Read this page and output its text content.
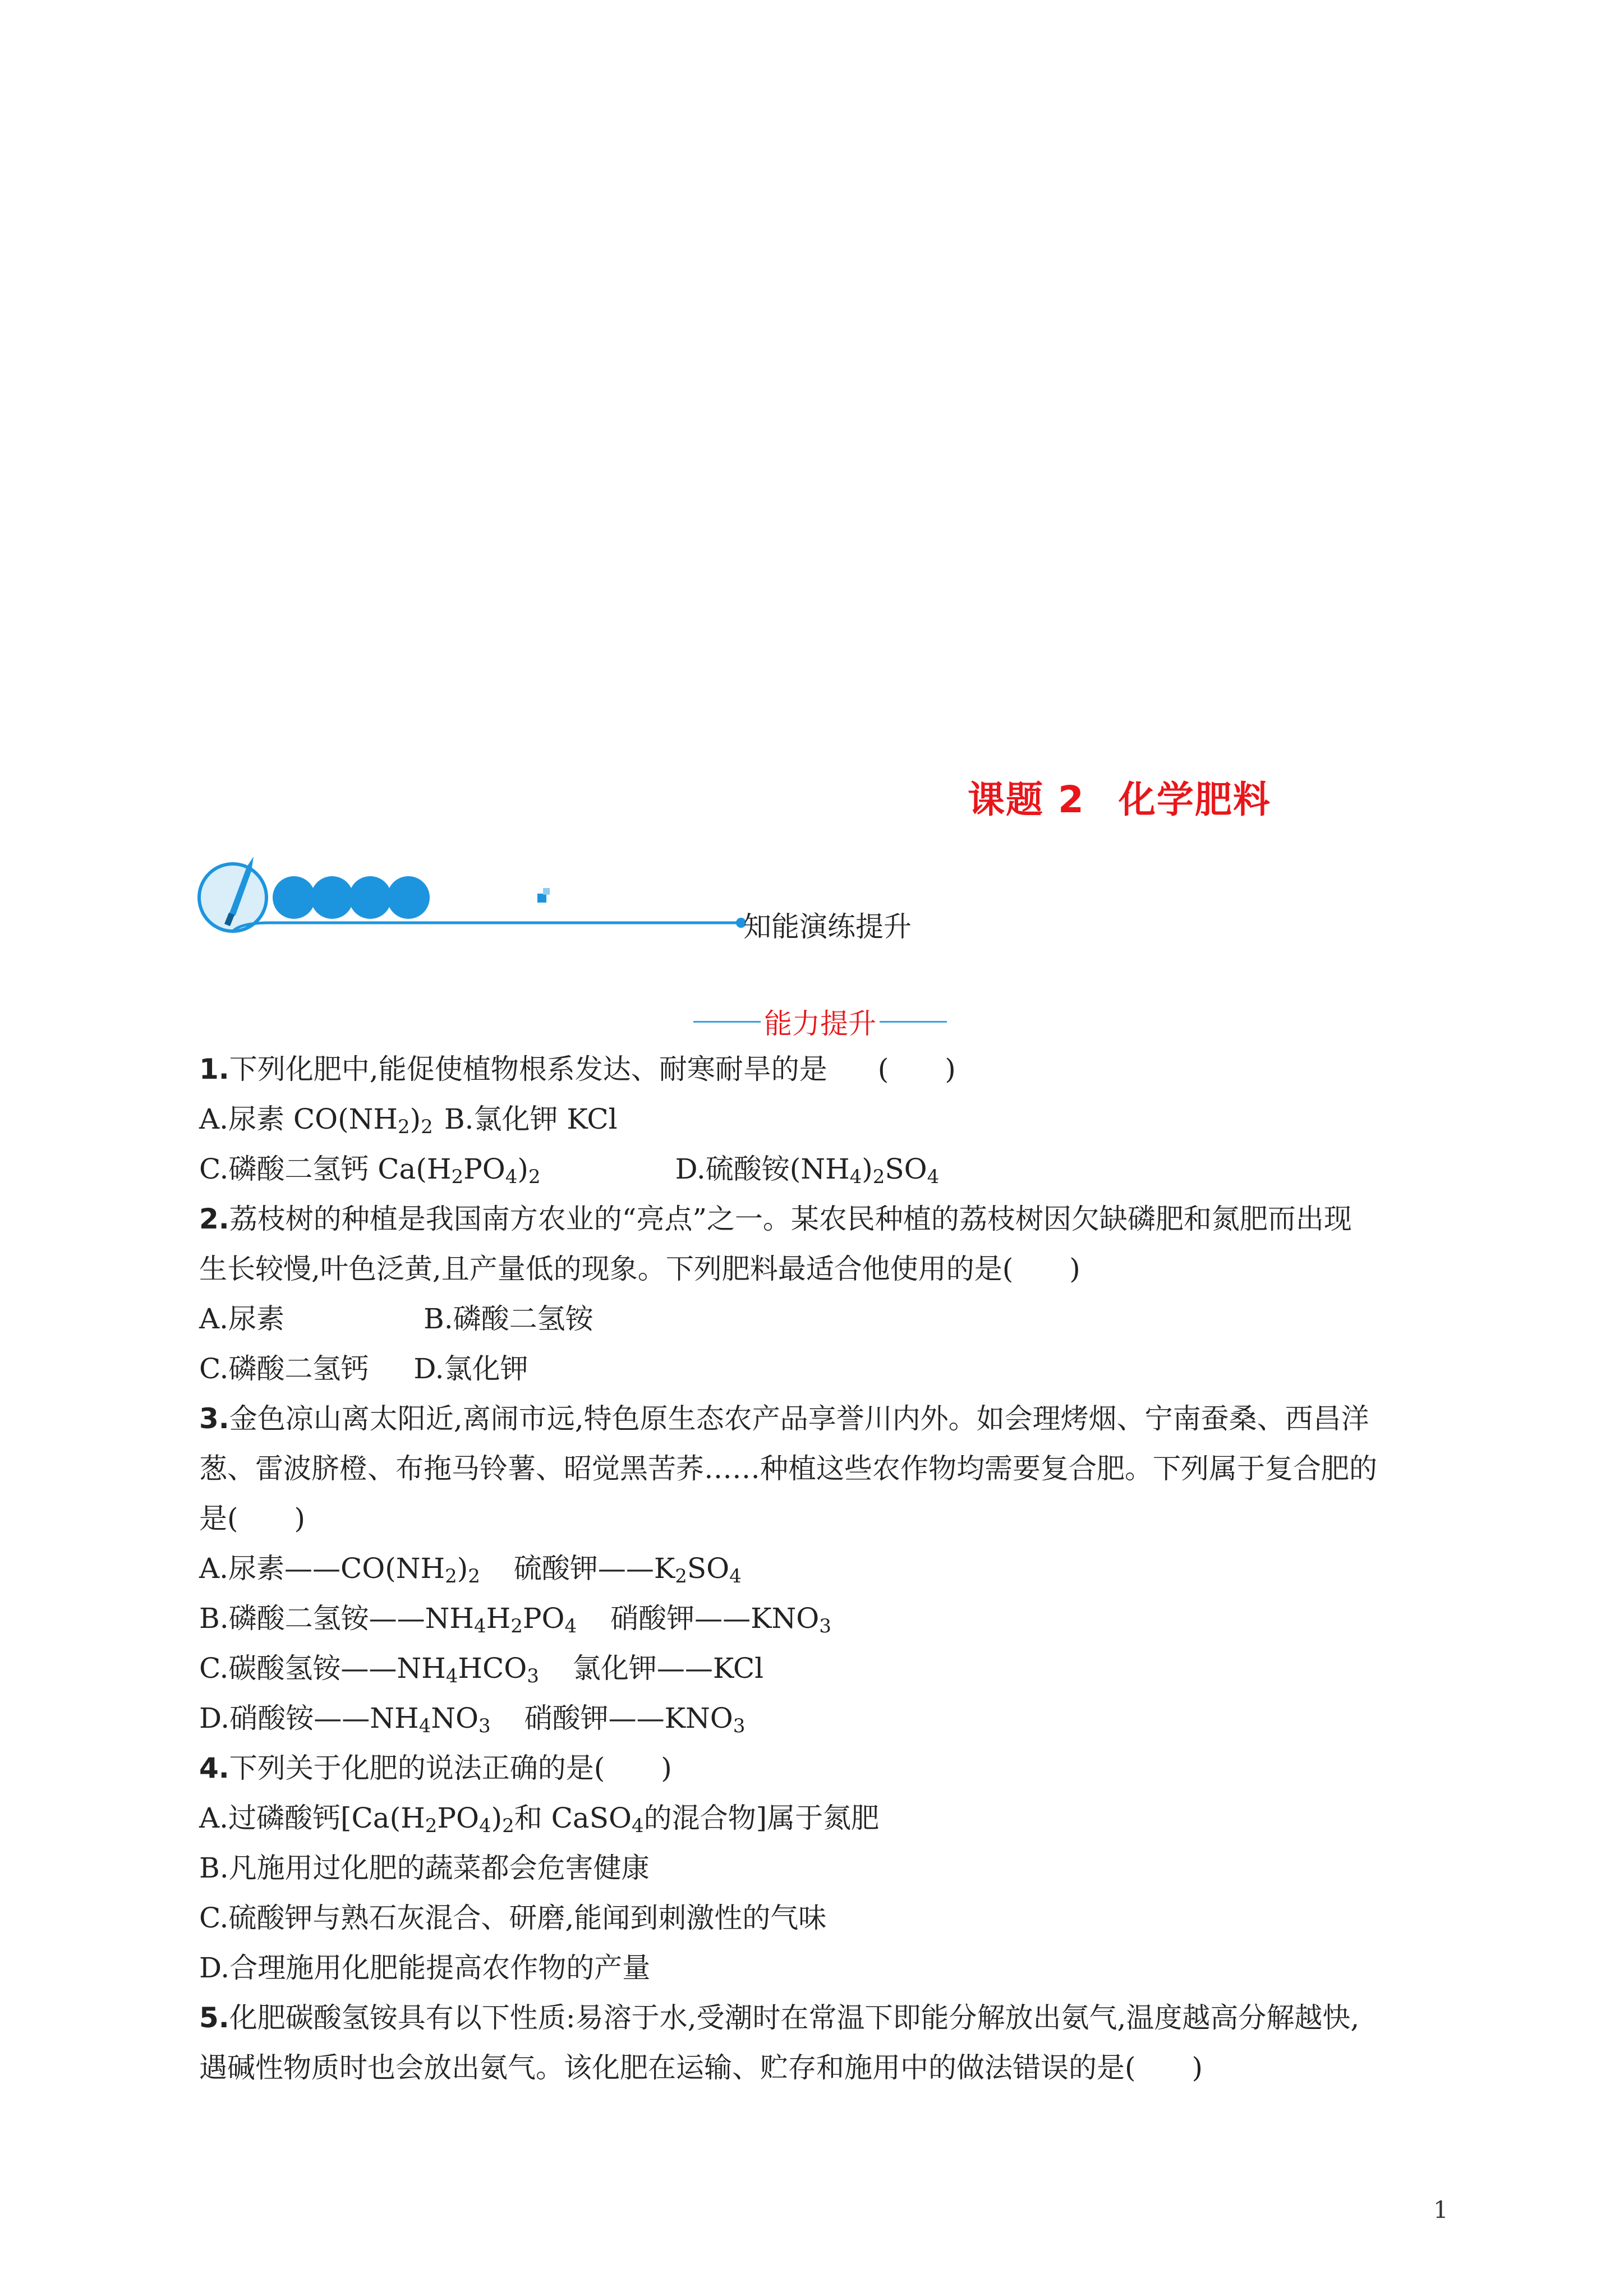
课题 2 化学肥料
知能演练提升
能力提升
1.下列化肥中,能促使植物根系发达、耐寒耐旱的是 (　　)
A.尿素 $CO(NH_2)_2$ B.氯化钾 KCl
C.磷酸二氢钙 $Ca(H_2PO_4)_2$	D.硫酸铵$(NH_4)_2SO_4$
2.荔枝树的种植是我国南方农业的“亮点”之一。某农民种植的荔枝树因欠缺磷肥和氮肥而出现
生长较慢,叶色泛黄,且产量低的现象。下列肥料最适合他使用的是(　　)
A.尿素	B.磷酸二氢铵
C.磷酸二氢钙 D.氯化钾
3.金色凉山离太阳近,离闹市远,特色原生态农产品享誉川内外。如会理烤烟、宁南蚕桑、西昌洋
葱、雷波脐橙、布拖马铃薯、昭觉黑苦荞……种植这些农作物均需要复合肥。下列属于复合肥的
是(　　)
A.尿素$——CO(NH_2)_2$ 硫酸钾$——K_2SO_4$
B.磷酸二氢铵$——NH_4H_2PO_4$ 硝酸钾$——KNO_3$
C.碳酸氢铵$——NH_4HCO_3$ 氯化钾——KCl
D.硝酸铵$——NH_4NO_3$ 硝酸钾$——KNO_3$
4.下列关于化肥的说法正确的是(　　)
A.过磷酸钙[$Ca(H_2PO_4)_2$和 CaSO$_4$的混合物]属于氮肥
B.凡施用过化肥的蔬菜都会危害健康
C.硫酸钾与熟石灰混合、研磨,能闻到刺激性的气味
D.合理施用化肥能提高农作物的产量
5.化肥碳酸氢铵具有以下性质:易溶于水,受潮时在常温下即能分解放出氨气,温度越高分解越快,
遇碱性物质时也会放出氨气。该化肥在运输、贮存和施用中的做法错误的是(　　)
1
